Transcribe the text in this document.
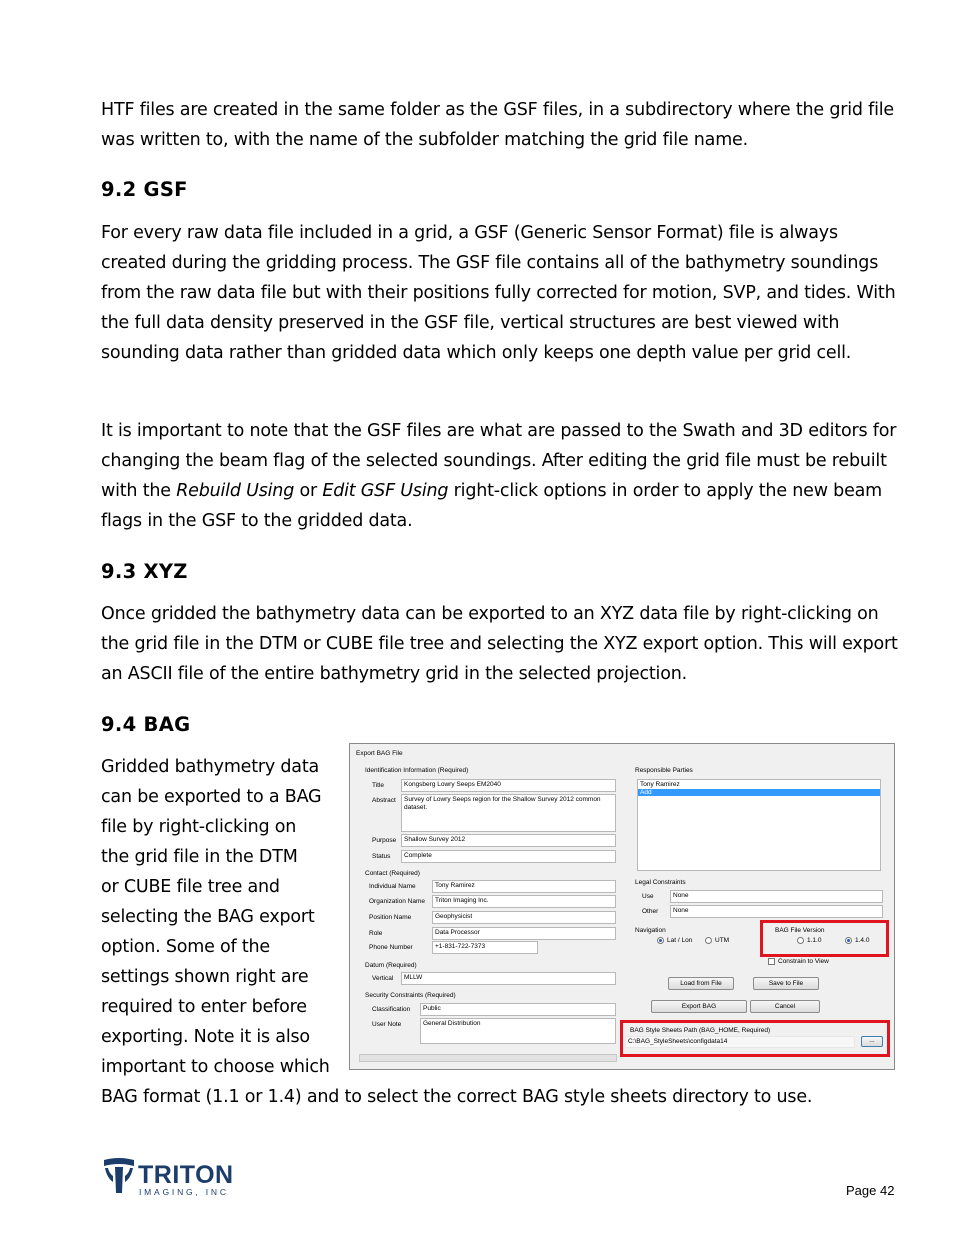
HTF files are created in the same folder as the GSF files, in a subdirectory where the grid file was written to, with the name of the subfolder matching the grid file name.
9.2 GSF
For every raw data file included in a grid, a GSF (Generic Sensor Format) file is always created during the gridding process. The GSF file contains all of the bathymetry soundings from the raw data file but with their positions fully corrected for motion, SVP, and tides. With the full data density preserved in the GSF file, vertical structures are best viewed with sounding data rather than gridded data which only keeps one depth value per grid cell.
It is important to note that the GSF files are what are passed to the Swath and 3D editors for changing the beam flag of the selected soundings. After editing the grid file must be rebuilt with the Rebuild Using or Edit GSF Using right-click options in order to apply the new beam flags in the GSF to the gridded data.
9.3 XYZ
Once gridded the bathymetry data can be exported to an XYZ data file by right-clicking on the grid file in the DTM or CUBE file tree and selecting the XYZ export option. This will export an ASCII file of the entire bathymetry grid in the selected projection.
9.4 BAG
Gridded bathymetry data
can be exported to a BAG
file by right-clicking on
the grid file in the DTM
or CUBE file tree and
selecting the BAG export
option. Some of the
settings shown right are
required to enter before
exporting. Note it is also
important to choose which
BAG format (1.1 or 1.4) and to select the correct BAG style sheets directory to use.
Export BAG File
Identification Information (Required)
Title	Kongsberg Lowry Seeps EM2040
Abstract	Survey of Lowry Seeps region for the Shallow Survey 2012 common dataset.
Purpose	Shallow Survey 2012
Status	Complete
Contact (Required)
Individual Name	Tony Ramirez
Organization Name	Triton Imaging Inc.
Position Name	Geophysicist
Role	Data Processor
Phone Number	+1-831-722-7373
Datum (Required)
Vertical	MLLW
Security Constraints (Required)
Classification	Public
User Note	General Distribution
Responsible Parties
Tony Ramirez
Add
Legal Constraints
Use	None
Other	None
Navigation
Lat / Lon	UTM
BAG File Version
1.1.0	1.4.0
Constrain to View
Load from File	Save to File
Export BAG	Cancel
BAG Style Sheets Path (BAG_HOME, Required)
C:\BAG_StyleSheets\configdata14	...
TRITON
IMAGING, INC	Page 42
